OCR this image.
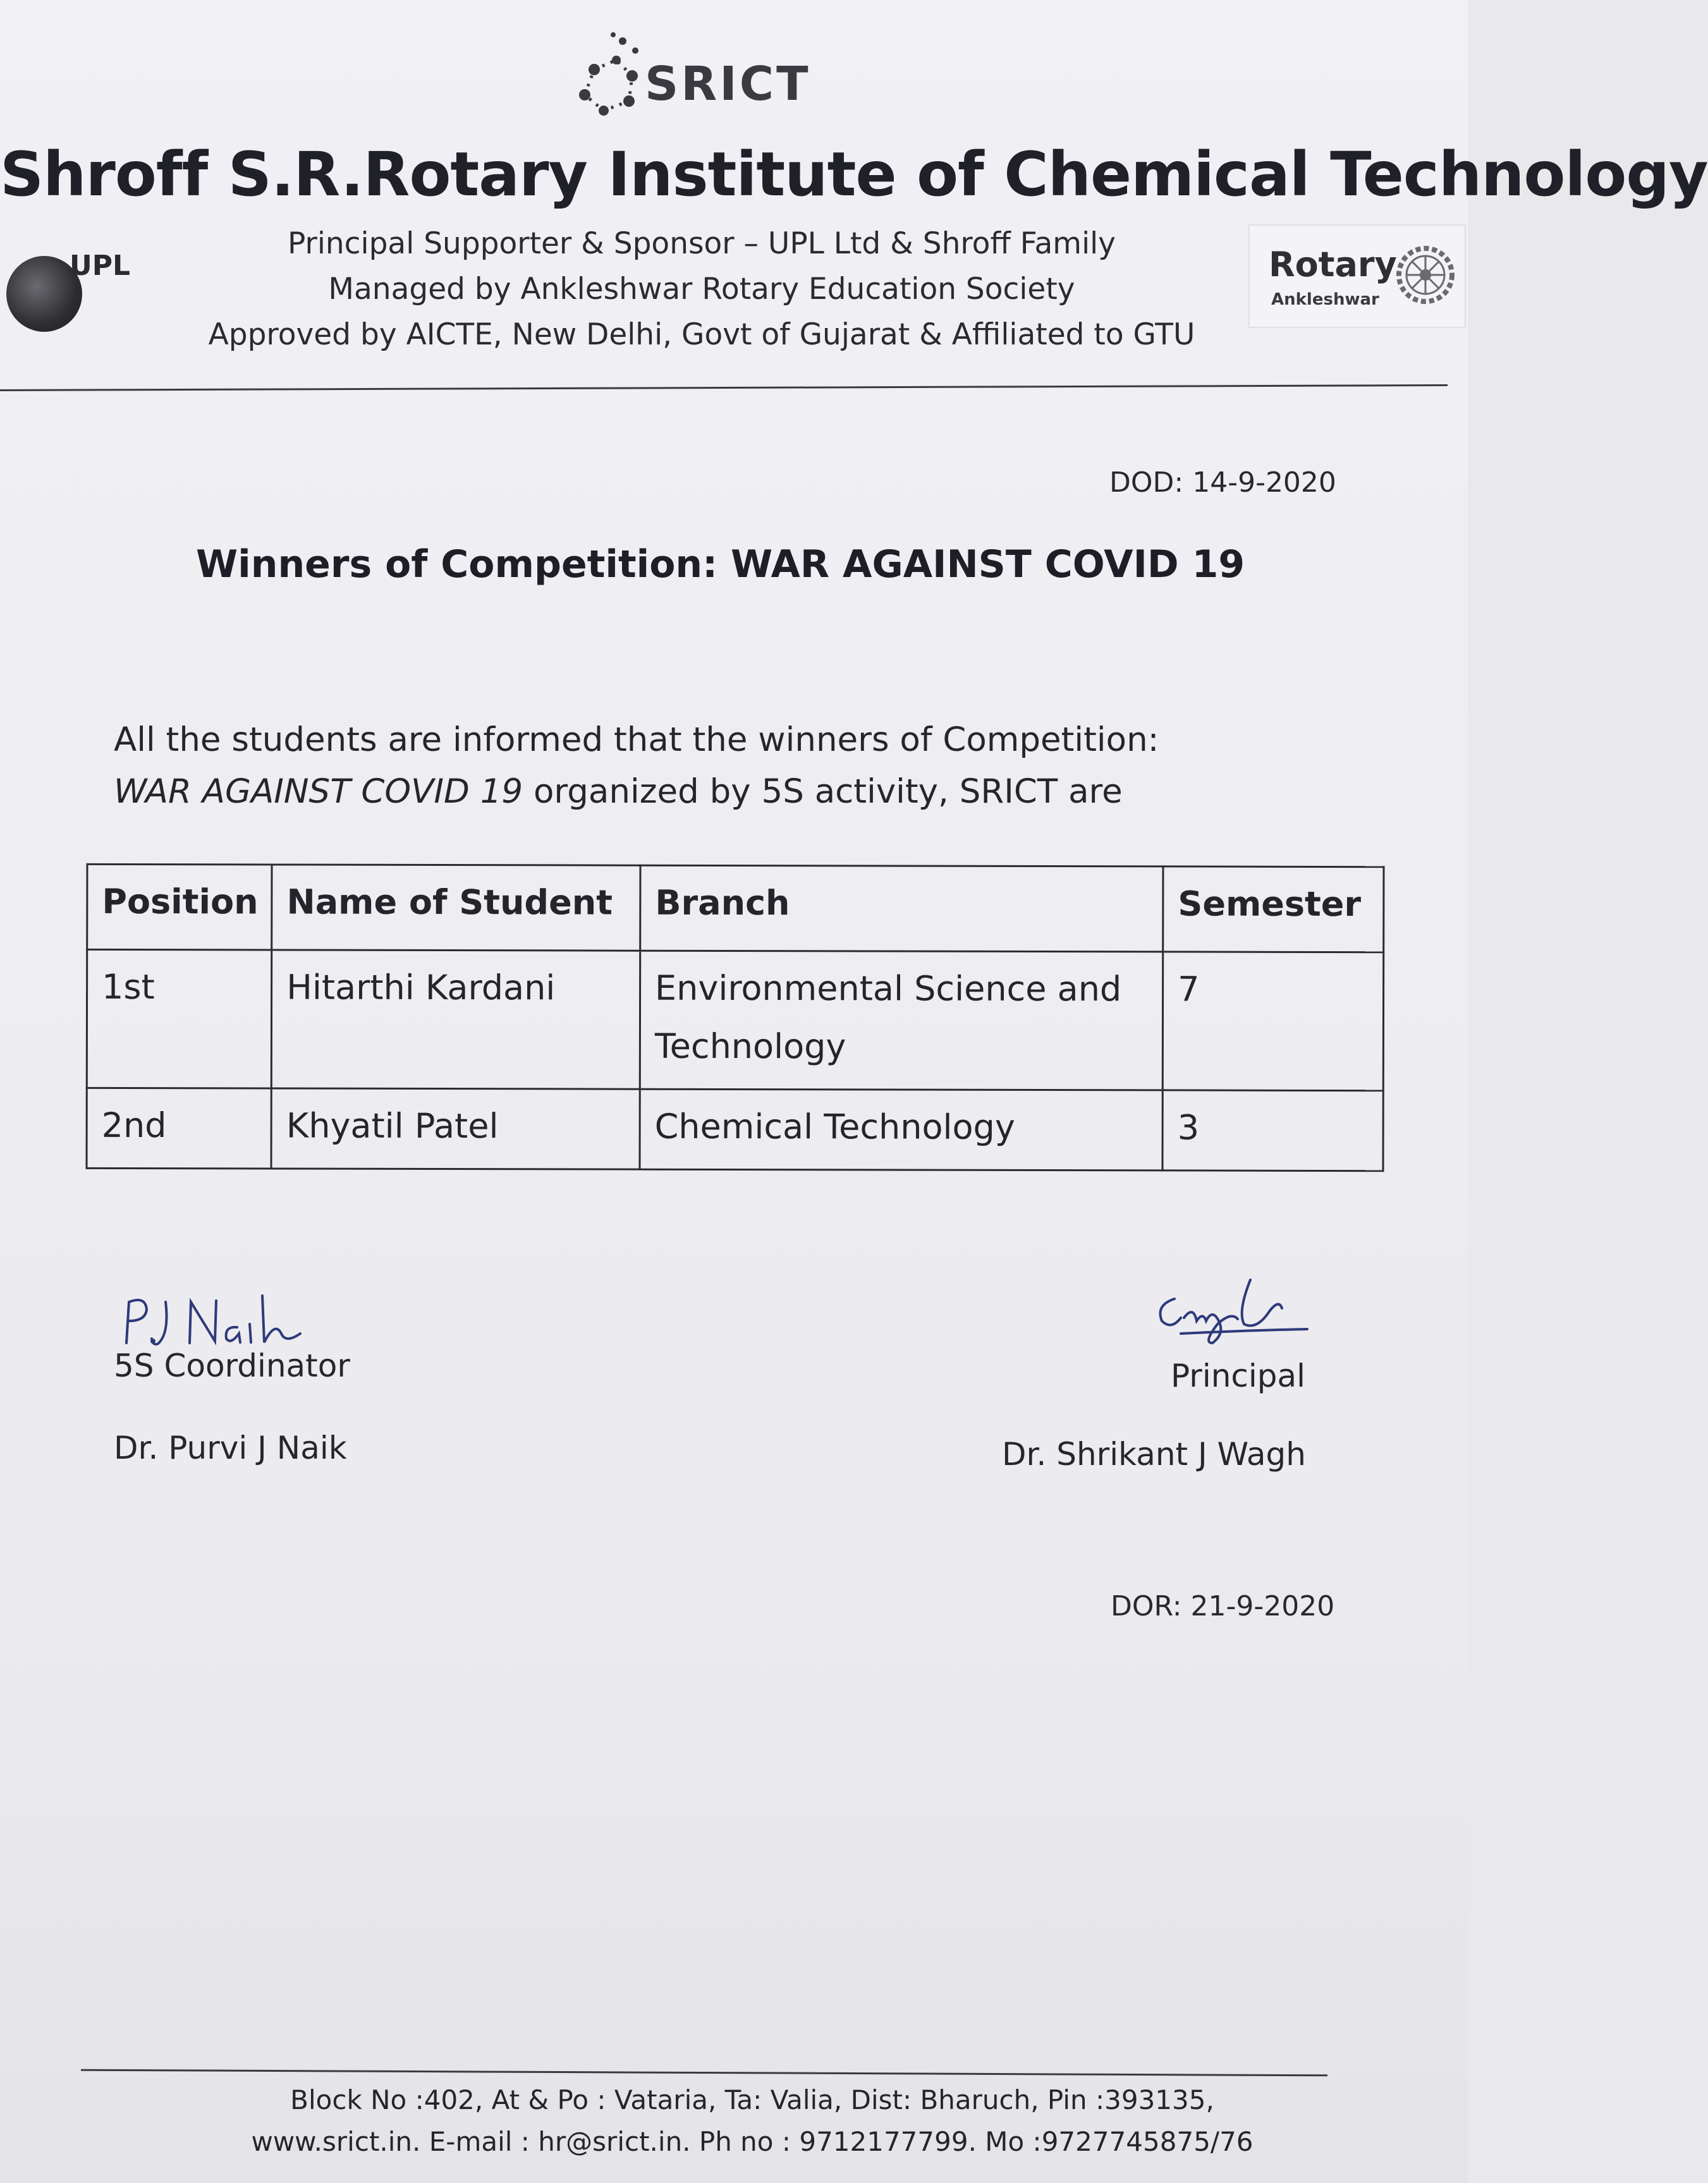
SRICT
Shroff S.R.Rotary Institute of Chemical Technology
UPL
Principal Supporter & Sponsor – UPL Ltd & Shroff Family
Managed by Ankleshwar Rotary Education Society
Approved by AICTE, New Delhi, Govt of Gujarat & Affiliated to GTU
Rotary
Ankleshwar
DOD: 14-9-2020
Winners of Competition: WAR AGAINST COVID 19
All the students are informed that the winners of Competition:
WAR AGAINST COVID 19 organized by 5S activity, SRICT are
Position	Name of Student	Branch	Semester
1st	Hitarthi Kardani	Environmental Science and Technology	7
2nd	Khyatil Patel	Chemical Technology	3
5S Coordinator
Dr. Purvi J Naik
Principal
Dr. Shrikant J Wagh
DOR: 21-9-2020
Block No :402, At & Po : Vataria, Ta: Valia, Dist: Bharuch, Pin :393135,
www.srict.in. E-mail : hr@srict.in. Ph no : 9712177799. Mo :9727745875/76
